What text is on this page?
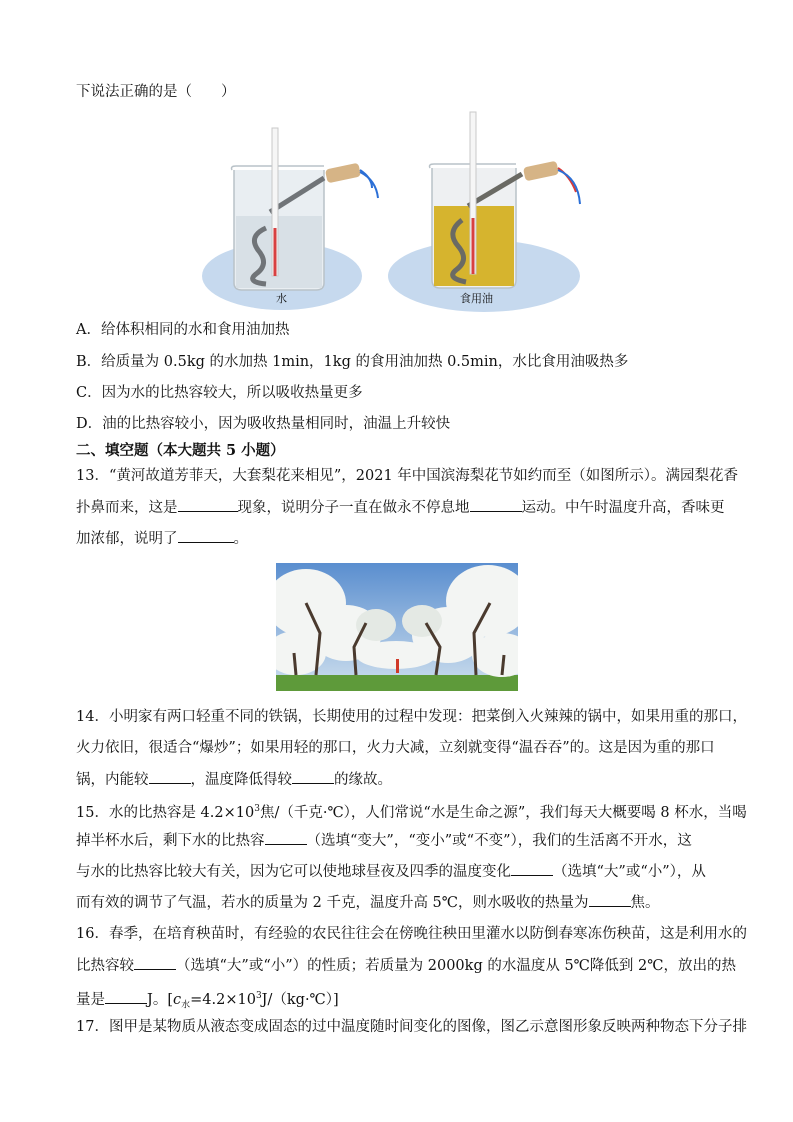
下说法正确的是（　　）
水	食用油
A．给体积相同的水和食用油加热
B．给质量为 0.5kg 的水加热 1min，1kg 的食用油加热 0.5min，水比食用油吸热多
C．因为水的比热容较大，所以吸收热量更多
D．油的比热容较小，因为吸收热量相同时，油温上升较快
二、填空题（本大题共 5 小题）
13．“黄河故道芳菲天，大套梨花来相见”，2021 年中国滨海梨花节如约而至（如图所示）。满园梨花香
扑鼻而来，这是	现象，说明分子一直在做永不停息地	运动。中午时温度升高，香味更
加浓郁，说明了	。
14．小明家有两口轻重不同的铁锅，长期使用的过程中发现：把菜倒入火辣辣的锅中，如果用重的那口，
火力依旧，很适合“爆炒”；如果用轻的那口，火力大减，立刻就变得“温吞吞”的。这是因为重的那口
锅，内能较	，温度降低得较	的缘故。
15．水的比热容是 $4.2\times 10^3$焦/（千克·℃），人们常说“水是生命之源”，我们每天大概要喝 8 杯水，当喝
掉半杯水后，剩下水的比热容	（选填“变大”，“变小”或“不变”），我们的生活离不开水，这
与水的比热容比较大有关，因为它可以使地球昼夜及四季的温度变化	（选填“大”或“小”），从
而有效的调节了气温，若水的质量为 2 千克，温度升高 5℃，则水吸收的热量为	焦。
16．春季，在培育秧苗时，有经验的农民往往会在傍晚往秧田里灌水以防倒春寒冻伤秧苗，这是利用水的
比热容较	（选填“大”或“小”）的性质；若质量为 2000kg 的水温度从 5℃降低到 2℃，放出的热
量是	J。$[c_水=4.2\times 10^3J/(kg\cdot℃)]$
17．图甲是某物质从液态变成固态的过中温度随时间变化的图像，图乙示意图形象反映两种物态下分子排
